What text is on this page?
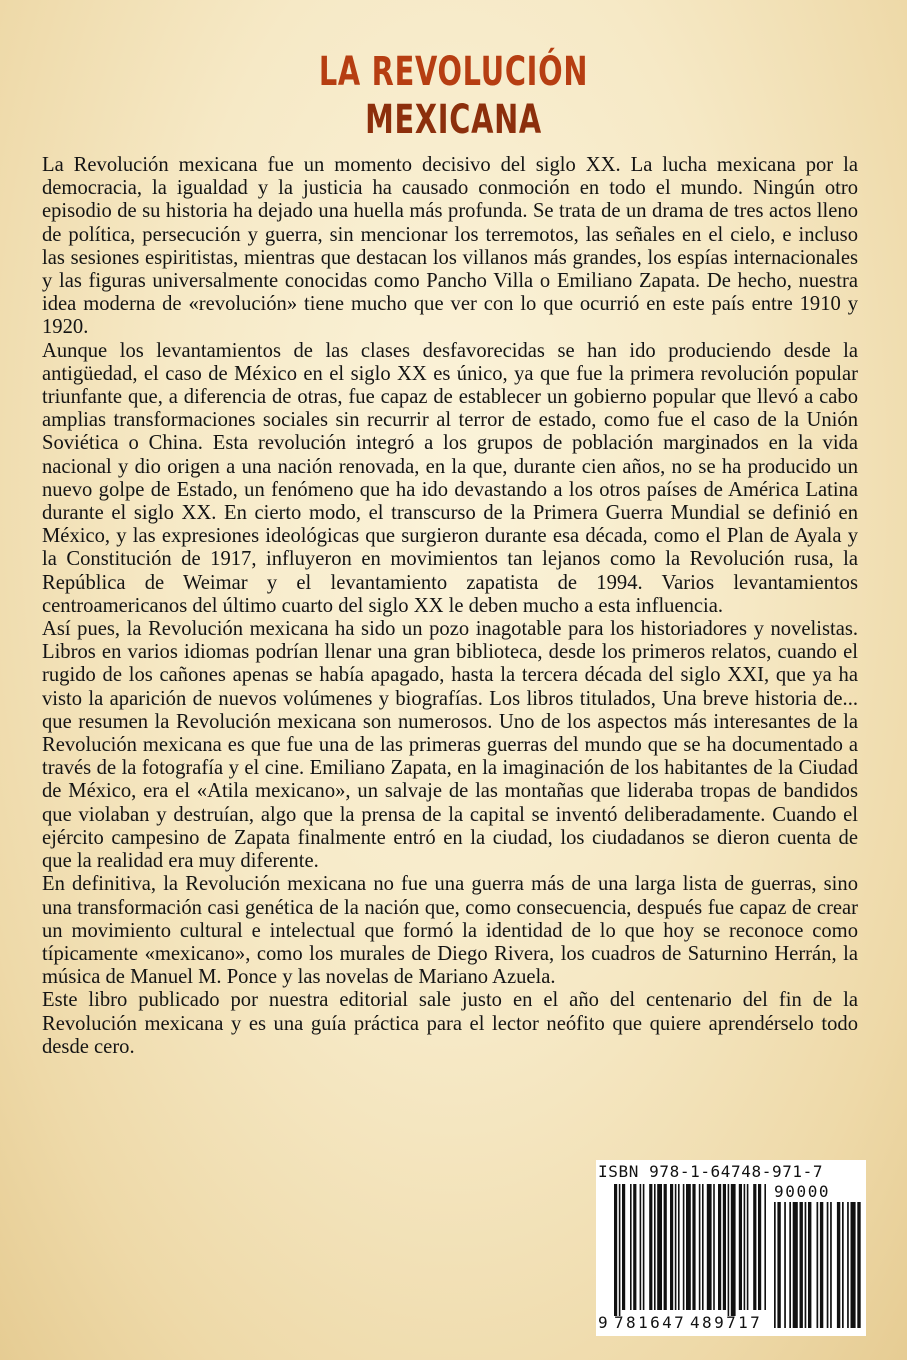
LA REVOLUCIÓN
MEXICANA

La Revolución mexicana fue un momento decisivo del siglo XX. La lucha mexicana por la democracia, la igualdad y la justicia ha causado conmoción en todo el mundo. Ningún otro episodio de su historia ha dejado una huella más profunda. Se trata de un drama de tres actos lleno de política, persecución y guerra, sin mencionar los terremotos, las señales en el cielo, e incluso las sesiones espiritistas, mientras que destacan los villanos más grandes, los espías internacionales y las figuras universalmente conocidas como Pancho Villa o Emiliano Zapata. De hecho, nuestra idea moderna de «revolución» tiene mucho que ver con lo que ocurrió en este país entre 1910 y 1920.

Aunque los levantamientos de las clases desfavorecidas se han ido produciendo desde la antigüedad, el caso de México en el siglo XX es único, ya que fue la primera revolución popular triunfante que, a diferencia de otras, fue capaz de establecer un gobierno popular que llevó a cabo amplias transformaciones sociales sin recurrir al terror de estado, como fue el caso de la Unión Soviética o China. Esta revolución integró a los grupos de población marginados en la vida nacional y dio origen a una nación renovada, en la que, durante cien años, no se ha producido un nuevo golpe de Estado, un fenómeno que ha ido devastando a los otros países de América Latina durante el siglo XX. En cierto modo, el transcurso de la Primera Guerra Mundial se definió en México, y las expresiones ideológicas que surgieron durante esa década, como el Plan de Ayala y la Constitución de 1917, influyeron en movimientos tan lejanos como la Revolución rusa, la República de Weimar y el levantamiento zapatista de 1994. Varios levantamientos centroamericanos del último cuarto del siglo XX le deben mucho a esta influencia.

Así pues, la Revolución mexicana ha sido un pozo inagotable para los historiadores y novelistas. Libros en varios idiomas podrían llenar una gran biblioteca, desde los primeros relatos, cuando el rugido de los cañones apenas se había apagado, hasta la tercera década del siglo XXI, que ya ha visto la aparición de nuevos volúmenes y biografías. Los libros titulados, Una breve historia de... que resumen la Revolución mexicana son numerosos. Uno de los aspectos más interesantes de la Revolución mexicana es que fue una de las primeras guerras del mundo que se ha documentado a través de la fotografía y el cine. Emiliano Zapata, en la imaginación de los habitantes de la Ciudad de México, era el «Atila mexicano», un salvaje de las montañas que lideraba tropas de bandidos que violaban y destruían, algo que la prensa de la capital se inventó deliberadamente. Cuando el ejército campesino de Zapata finalmente entró en la ciudad, los ciudadanos se dieron cuenta de que la realidad era muy diferente.

En definitiva, la Revolución mexicana no fue una guerra más de una larga lista de guerras, sino una transformación casi genética de la nación que, como consecuencia, después fue capaz de crear un movimiento cultural e intelectual que formó la identidad de lo que hoy se reconoce como típicamente «mexicano», como los murales de Diego Rivera, los cuadros de Saturnino Herrán, la música de Manuel M. Ponce y las novelas de Mariano Azuela.

Este libro publicado por nuestra editorial sale justo en el año del centenario del fin de la Revolución mexicana y es una guía práctica para el lector neófito que quiere aprendérselo todo desde cero.

ISBN 978-1-64748-971-7
90000
9 781647 489717
